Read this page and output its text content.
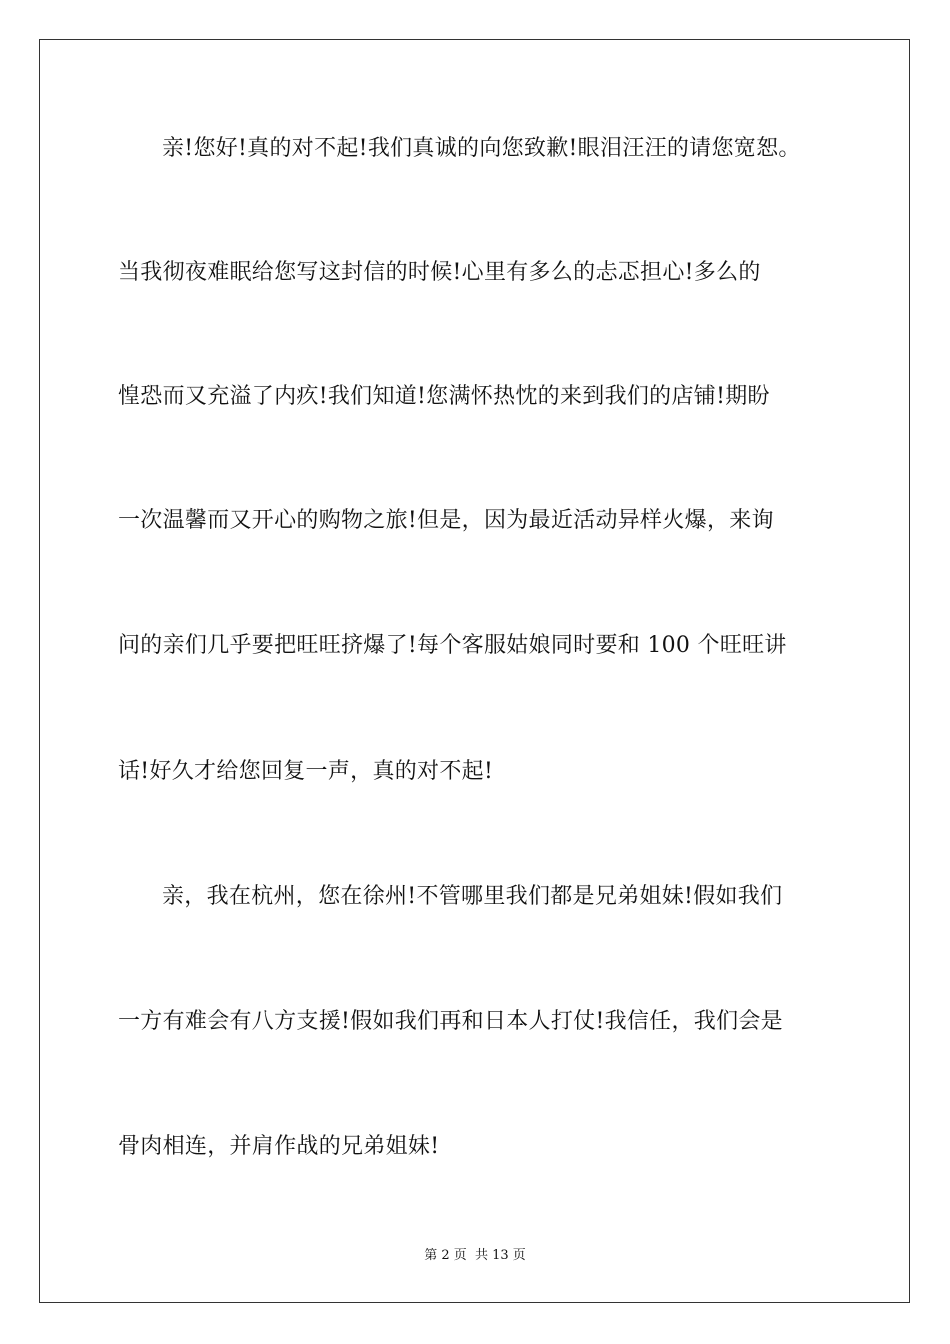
亲!您好!真的对不起!我们真诚的向您致歉!眼泪汪汪的请您宽恕。
当我彻夜难眠给您写这封信的时候!心里有多么的忐忑担心!多么的
惶恐而又充溢了内疚!我们知道!您满怀热忱的来到我们的店铺!期盼
一次温馨而又开心的购物之旅!但是，因为最近活动异样火爆，来询
问的亲们几乎要把旺旺挤爆了!每个客服姑娘同时要和 100 个旺旺讲
话!好久才给您回复一声，真的对不起!
亲，我在杭州，您在徐州!不管哪里我们都是兄弟姐妹!假如我们
一方有难会有八方支援!假如我们再和日本人打仗!我信任，我们会是
骨肉相连，并肩作战的兄弟姐妹!
第 2 页 共 13 页
